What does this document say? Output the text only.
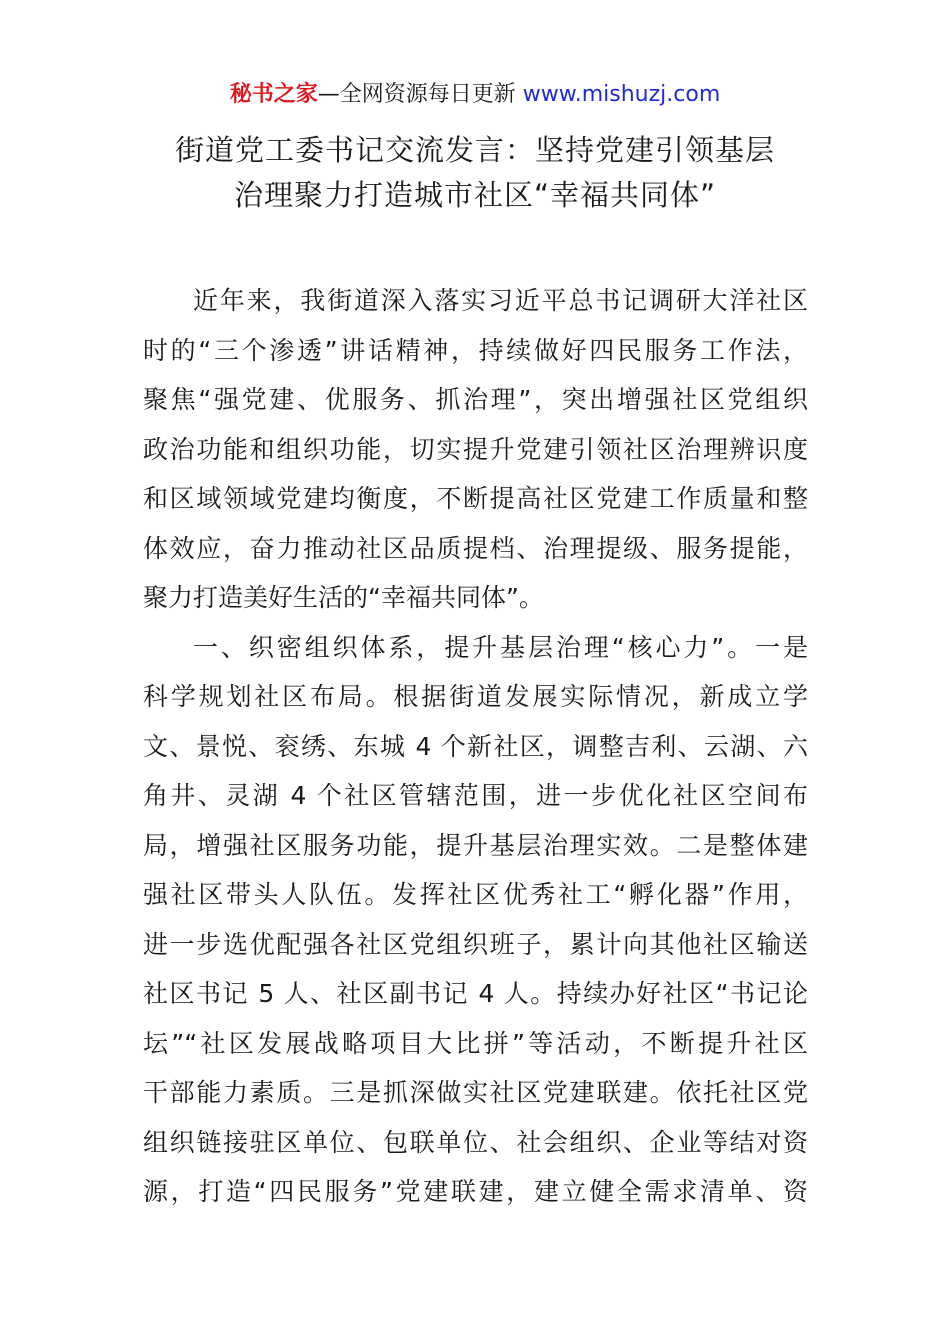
秘书之家—全网资源每日更新 www.mishuzj.com
街道党工委书记交流发言：坚持党建引领基层
治理聚力打造城市社区“幸福共同体”
近年来，我街道深入落实习近平总书记调研大洋社区
时的“三个渗透”讲话精神，持续做好四民服务工作法，
聚焦“强党建、优服务、抓治理”，突出增强社区党组织
政治功能和组织功能，切实提升党建引领社区治理辨识度
和区域领域党建均衡度，不断提高社区党建工作质量和整
体效应，奋力推动社区品质提档、治理提级、服务提能，
聚力打造美好生活的“幸福共同体”。
一、织密组织体系，提升基层治理“核心力”。一是
科学规划社区布局。根据街道发展实际情况，新成立学
文、景悦、衮绣、东城 4 个新社区，调整吉利、云湖、六
角井、灵湖 4 个社区管辖范围，进一步优化社区空间布
局，增强社区服务功能，提升基层治理实效。二是整体建
强社区带头人队伍。发挥社区优秀社工“孵化器”作用，
进一步选优配强各社区党组织班子，累计向其他社区输送
社区书记 5 人、社区副书记 4 人。持续办好社区“书记论
坛”“社区发展战略项目大比拼”等活动，不断提升社区
干部能力素质。三是抓深做实社区党建联建。依托社区党
组织链接驻区单位、包联单位、社会组织、企业等结对资
源，打造“四民服务”党建联建，建立健全需求清单、资
